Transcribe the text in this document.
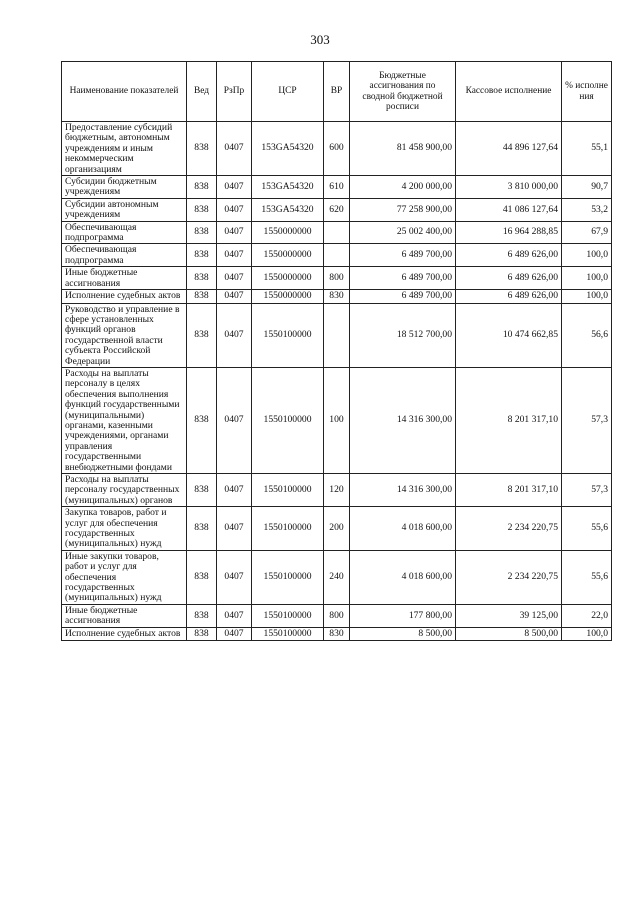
303
Наименование показателей	Вед	РзПр	ЦСР	ВР	Бюджетные ассигнования по сводной бюджетной росписи	Кассовое исполнение	% исполне ния
Предоставление субсидий бюджетным, автономным учреждениям и иным некоммерческим организациям	838	0407	153GA54320	600	81 458 900,00	44 896 127,64	55,1
Субсидии бюджетным учреждениям	838	0407	153GA54320	610	4 200 000,00	3 810 000,00	90,7
Субсидии автономным учреждениям	838	0407	153GA54320	620	77 258 900,00	41 086 127,64	53,2
Обеспечивающая подпрограмма	838	0407	1550000000		25 002 400,00	16 964 288,85	67,9
Обеспечивающая подпрограмма	838	0407	1550000000		6 489 700,00	6 489 626,00	100,0
Иные бюджетные ассигнования	838	0407	1550000000	800	6 489 700,00	6 489 626,00	100,0
Исполнение судебных актов	838	0407	1550000000	830	6 489 700,00	6 489 626,00	100,0
Руководство и управление в сфере установленных функций органов государственной власти субъекта Российской Федерации	838	0407	1550100000		18 512 700,00	10 474 662,85	56,6
Расходы на выплаты персоналу в целях обеспечения выполнения функций государственными (муниципальными) органами, казенными учреждениями, органами управления государственными внебюджетными фондами	838	0407	1550100000	100	14 316 300,00	8 201 317,10	57,3
Расходы на выплаты персоналу государственных (муниципальных) органов	838	0407	1550100000	120	14 316 300,00	8 201 317,10	57,3
Закупка товаров, работ и услуг для обеспечения государственных (муниципальных) нужд	838	0407	1550100000	200	4 018 600,00	2 234 220,75	55,6
Иные закупки товаров, работ и услуг для обеспечения государственных (муниципальных) нужд	838	0407	1550100000	240	4 018 600,00	2 234 220,75	55,6
Иные бюджетные ассигнования	838	0407	1550100000	800	177 800,00	39 125,00	22,0
Исполнение судебных актов	838	0407	1550100000	830	8 500,00	8 500,00	100,0
